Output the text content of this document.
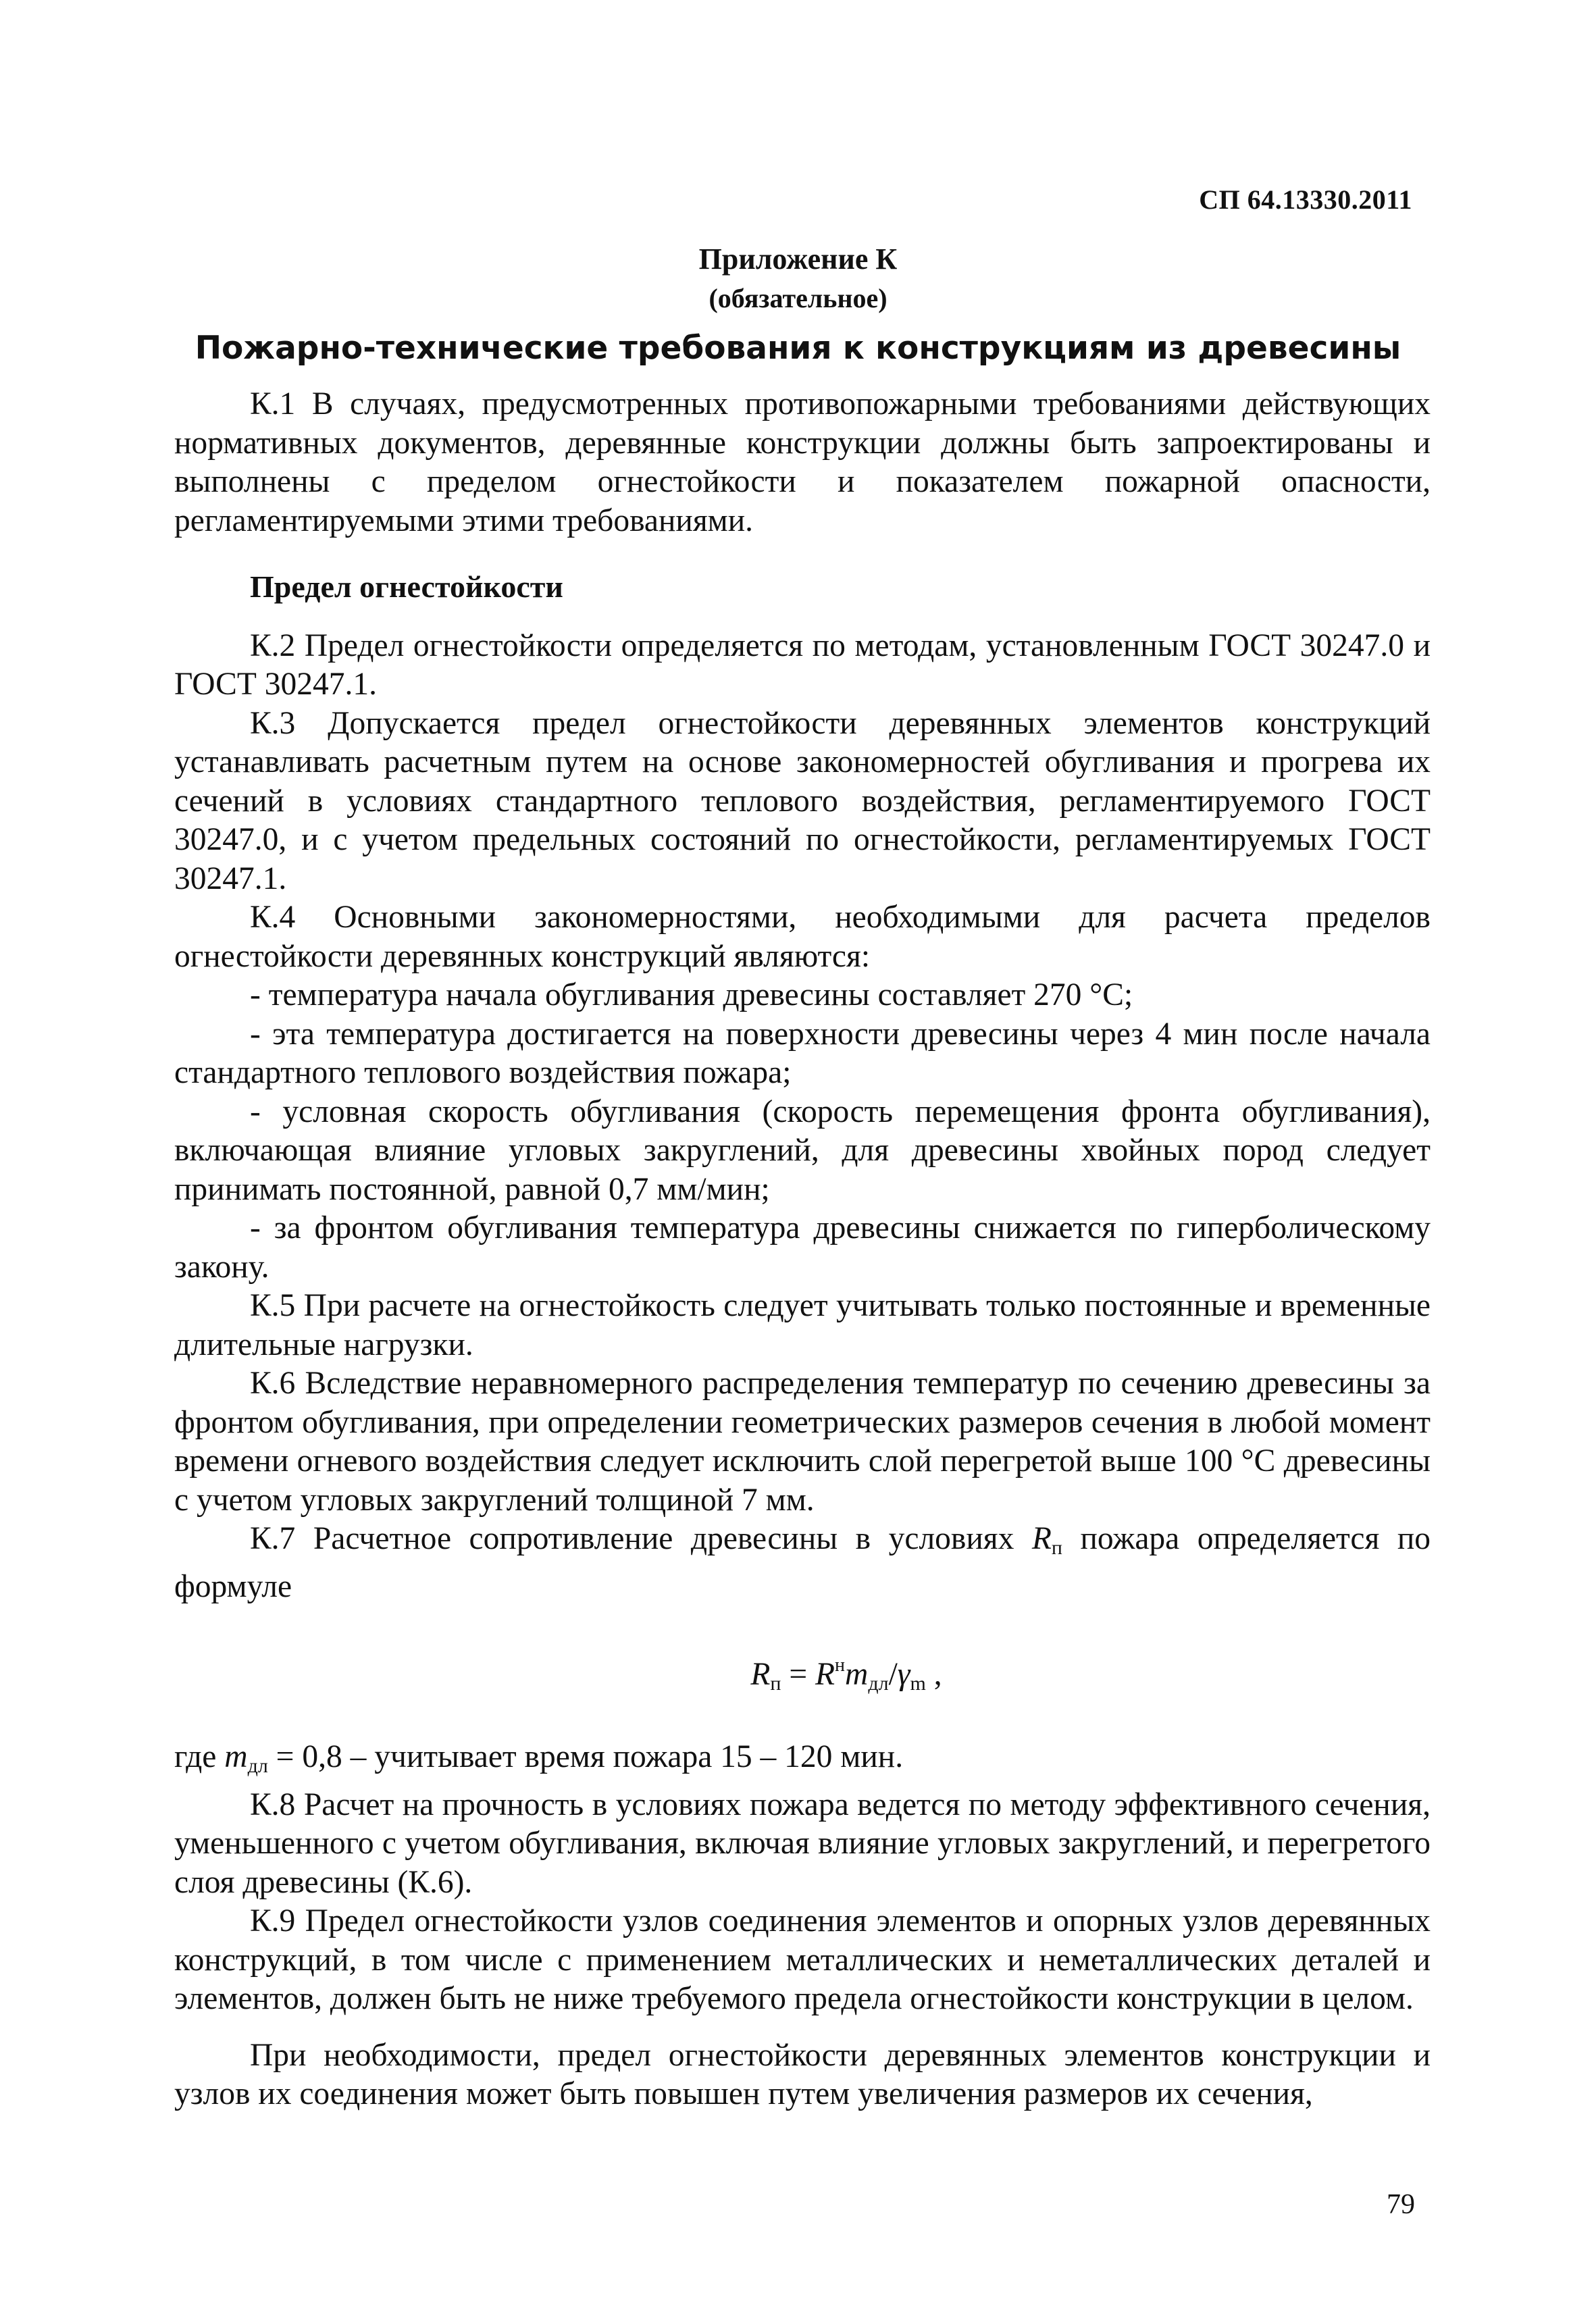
СП 64.13330.2011
Приложение К
(обязательное)
Пожарно-технические требования к конструкциям из древесины

К.1 В случаях, предусмотренных противопожарными требованиями действующих нормативных документов, деревянные конструкции должны быть запроектированы и выполнены с пределом огнестойкости и показателем пожарной опасности, регламентируемыми этими требованиями.

Предел огнестойкости

К.2 Предел огнестойкости определяется по методам, установленным ГОСТ 30247.0 и ГОСТ 30247.1.

К.3 Допускается предел огнестойкости деревянных элементов конструкций устанавливать расчетным путем на основе закономерностей обугливания и прогрева их сечений в условиях стандартного теплового воздействия, регламентируемого ГОСТ 30247.0, и с учетом предельных состояний по огнестойкости, регламентируемых ГОСТ 30247.1.

К.4 Основными закономерностями, необходимыми для расчета пределов огнестойкости деревянных конструкций являются:

- температура начала обугливания древесины составляет 270 °С;

- эта температура достигается на поверхности древесины через 4 мин после начала стандартного теплового воздействия пожара;

- условная скорость обугливания (скорость перемещения фронта обугливания), включающая влияние угловых закруглений, для древесины хвойных пород следует принимать постоянной, равной 0,7 мм/мин;

- за фронтом обугливания температура древесины снижается по гиперболическому закону.

К.5 При расчете на огнестойкость следует учитывать только постоянные и временные длительные нагрузки.

К.6 Вследствие неравномерного распределения температур по сечению древесины за фронтом обугливания, при определении геометрических размеров сечения в любой момент времени огневого воздействия следует исключить слой перегретой выше 100 °С древесины с учетом угловых закруглений толщиной 7 мм.

К.7 Расчетное сопротивление древесины в условиях $R_п$ пожара определяется по формуле

$R_п = R^нm_{дл}/\gamma_m$ ,

где $m_{дл} = 0,8$ – учитывает время пожара 15 – 120 мин.

К.8 Расчет на прочность в условиях пожара ведется по методу эффективного сечения, уменьшенного с учетом обугливания, включая влияние угловых закруглений, и перегретого слоя древесины (К.6).

К.9 Предел огнестойкости узлов соединения элементов и опорных узлов деревянных конструкций, в том числе с применением металлических и неметаллических деталей и элементов, должен быть не ниже требуемого предела огнестойкости конструкции в целом.

При необходимости, предел огнестойкости деревянных элементов конструкции и узлов их соединения может быть повышен путем увеличения размеров их сечения,

79
